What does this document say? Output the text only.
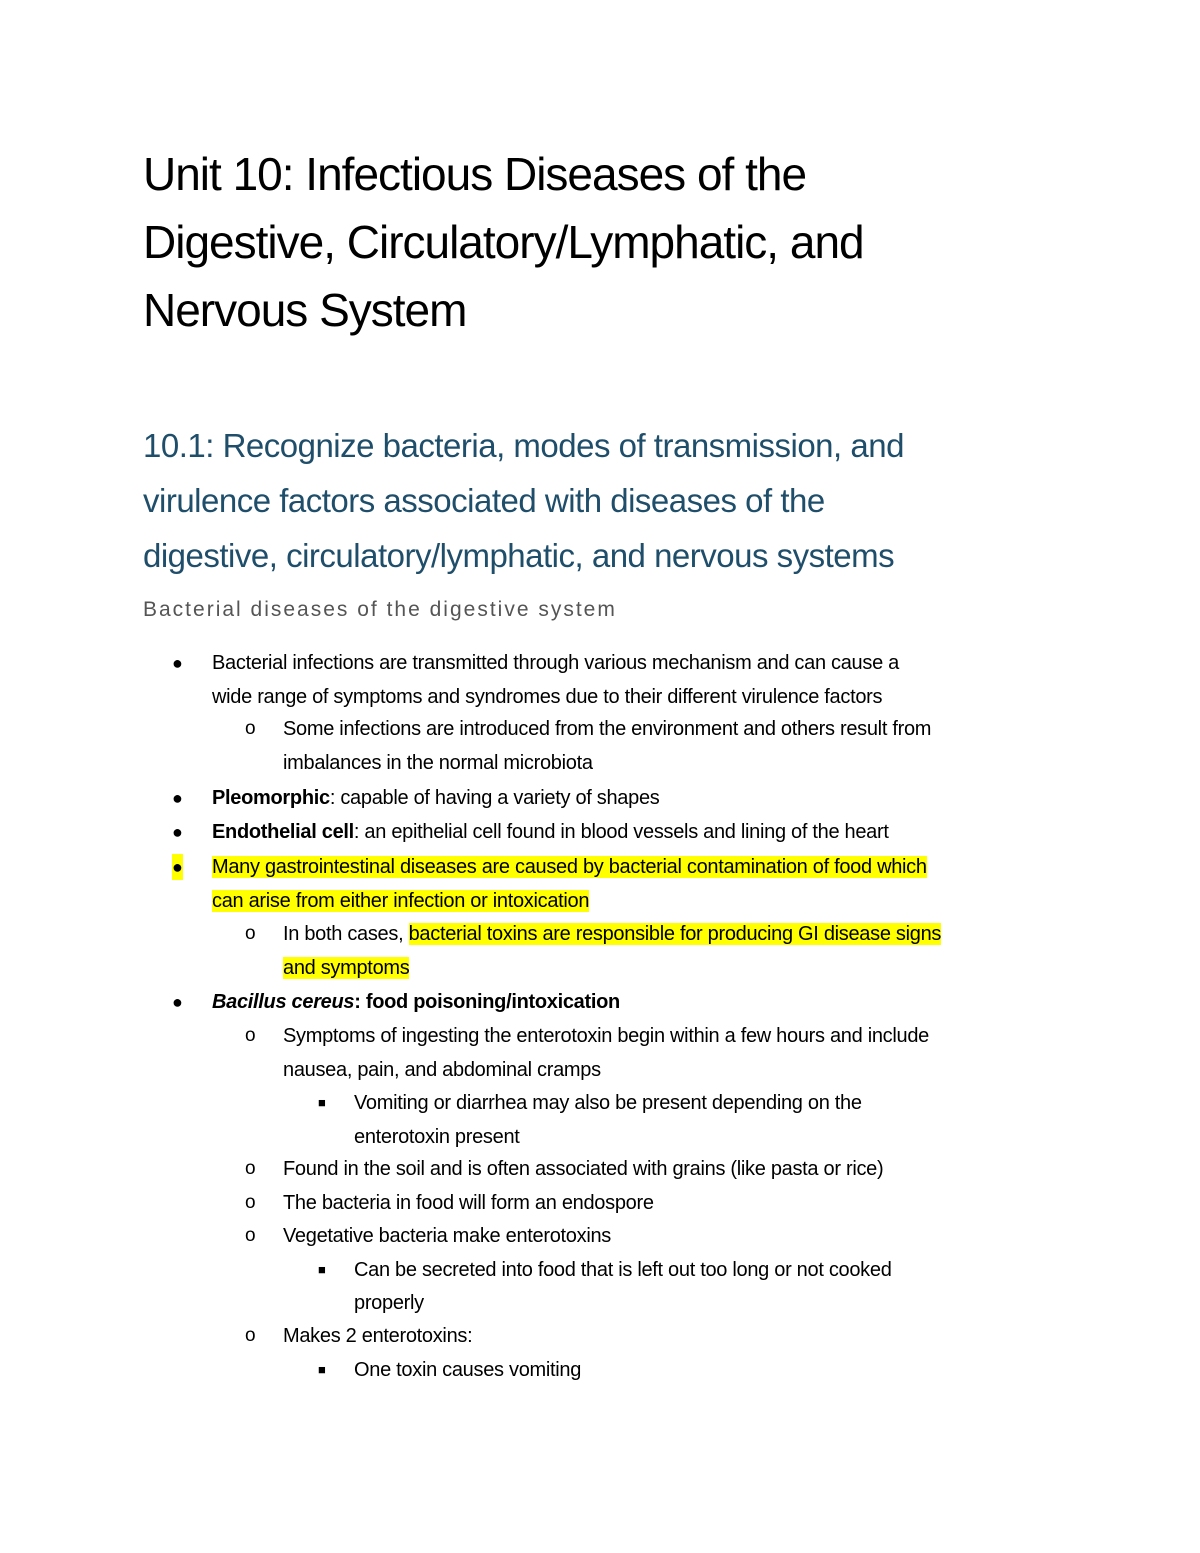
Unit 10: Infectious Diseases of the
Digestive, Circulatory/Lymphatic, and
Nervous System
10.1: Recognize bacteria, modes of transmission, and
virulence factors associated with diseases of the
digestive, circulatory/lymphatic, and nervous systems
Bacterial diseases of the digestive system
● Bacterial infections are transmitted through various mechanism and can cause a
wide range of symptoms and syndromes due to their different virulence factors
o Some infections are introduced from the environment and others result from
imbalances in the normal microbiota
● Pleomorphic: capable of having a variety of shapes
● Endothelial cell: an epithelial cell found in blood vessels and lining of the heart
● Many gastrointestinal diseases are caused by bacterial contamination of food which
can arise from either infection or intoxication
o In both cases, bacterial toxins are responsible for producing GI disease signs
and symptoms
● Bacillus cereus: food poisoning/intoxication
o Symptoms of ingesting the enterotoxin begin within a few hours and include
nausea, pain, and abdominal cramps
■ Vomiting or diarrhea may also be present depending on the
enterotoxin present
o Found in the soil and is often associated with grains (like pasta or rice)
o The bacteria in food will form an endospore
o Vegetative bacteria make enterotoxins
■ Can be secreted into food that is left out too long or not cooked
properly
o Makes 2 enterotoxins:
■ One toxin causes vomiting
